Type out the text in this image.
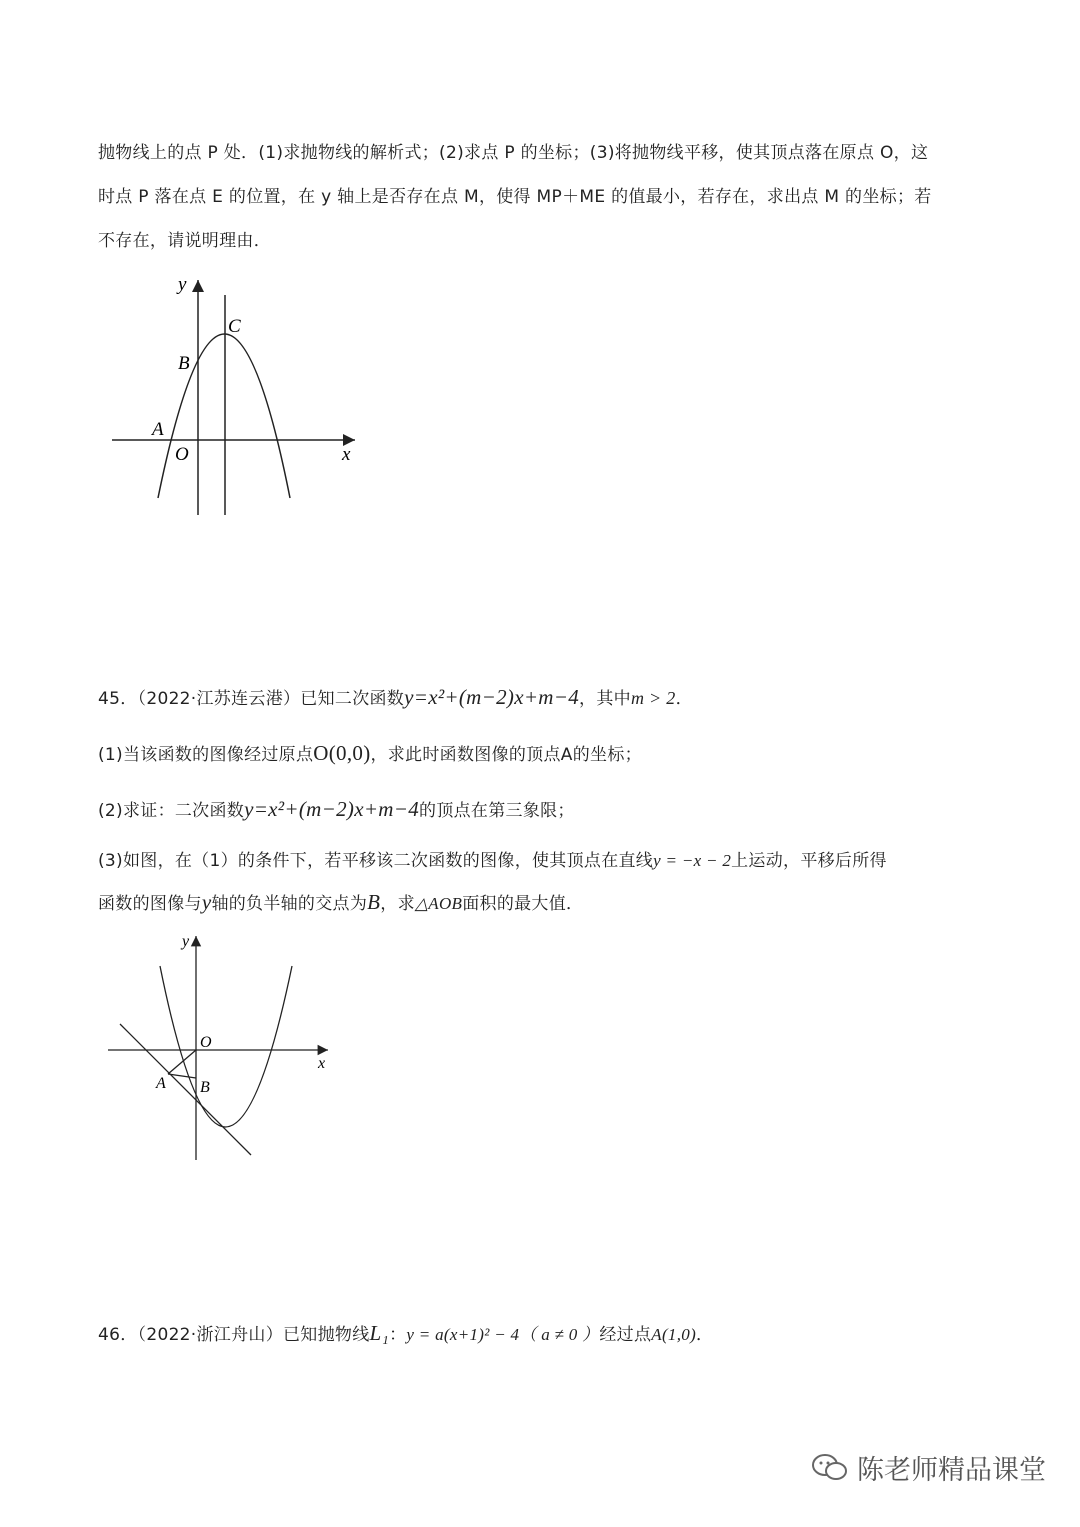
抛物线上的点 P 处．(1)求抛物线的解析式；(2)求点 P 的坐标；(3)将抛物线平移，使其顶点落在原点 O，这
时点 P 落在点 E 的位置，在 y 轴上是否存在点 M，使得 MP＋ME 的值最小，若存在，求出点 M 的坐标；若
不存在，请说明理由．
y
x
O
A
B
C
45．（2022·江苏连云港）已知二次函数y=x²+(m−2)x+m−4，其中m > 2．
(1)当该函数的图像经过原点O(0,0)，求此时函数图像的顶点A的坐标；
(2)求证：二次函数y=x²+(m−2)x+m−4的顶点在第三象限；
(3)如图，在（1）的条件下，若平移该二次函数的图像，使其顶点在直线y = −x − 2上运动，平移后所得
函数的图像与y轴的负半轴的交点为B，求△AOB面积的最大值．
y
x
O
A B
46．（2022·浙江舟山）已知抛物线L₁：y = a(x+1)² − 4（ a ≠ 0 ）经过点A(1,0)．
陈老师精品课堂
